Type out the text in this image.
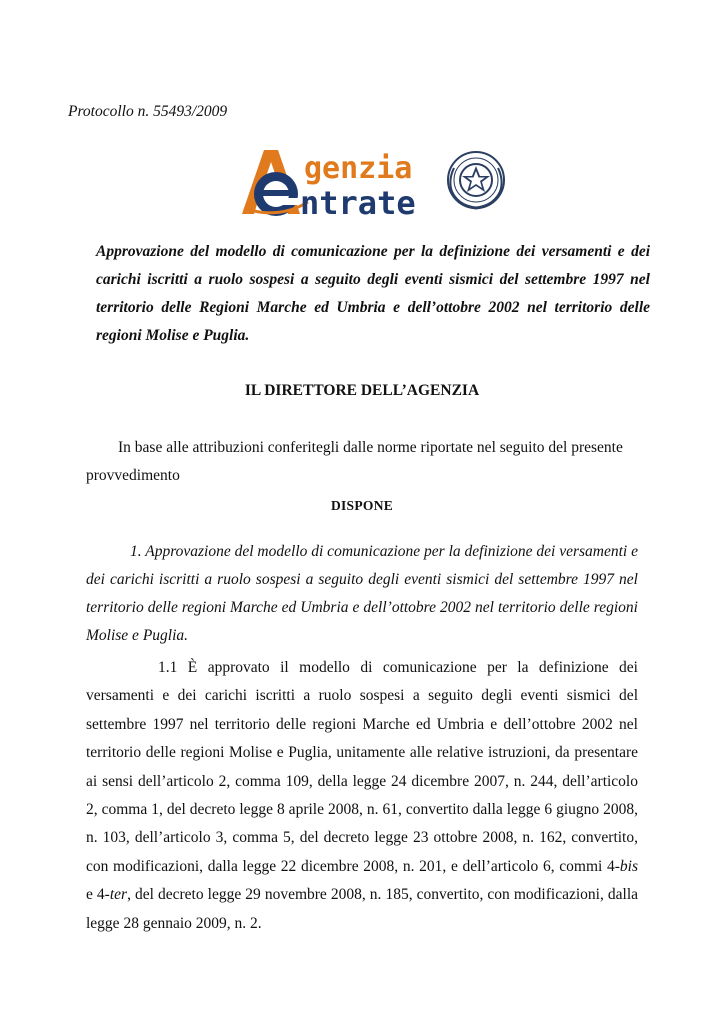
Protocollo n. 55493/2009
genzia
ntrate
Approvazione del modello di comunicazione per la definizione dei versamenti e dei carichi iscritti a ruolo sospesi a seguito degli eventi sismici del settembre 1997 nel territorio delle Regioni Marche ed Umbria e dell’ottobre 2002 nel territorio delle regioni Molise e Puglia.
IL DIRETTORE DELL’AGENZIA
In base alle attribuzioni conferitegli dalle norme riportate nel seguito del presente provvedimento
DISPONE
1. Approvazione del modello di comunicazione per la definizione dei versamenti e dei carichi iscritti a ruolo sospesi a seguito degli eventi sismici del settembre 1997 nel territorio delle regioni Marche ed Umbria e dell’ottobre 2002 nel territorio delle regioni Molise e Puglia.
1.1 È approvato il modello di comunicazione per la definizione dei versamenti e dei carichi iscritti a ruolo sospesi a seguito degli eventi sismici del settembre 1997 nel territorio delle regioni Marche ed Umbria e dell’ottobre 2002 nel territorio delle regioni Molise e Puglia, unitamente alle relative istruzioni, da presentare ai sensi dell’articolo 2, comma 109, della legge 24 dicembre 2007, n. 244, dell’articolo 2, comma 1, del decreto legge 8 aprile 2008, n. 61, convertito dalla legge 6 giugno 2008, n. 103, dell’articolo 3, comma 5, del decreto legge 23 ottobre 2008, n. 162, convertito, con modificazioni, dalla legge 22 dicembre 2008, n. 201, e dell’articolo 6, commi 4-bis e 4-ter, del decreto legge 29 novembre 2008, n. 185, convertito, con modificazioni, dalla legge 28 gennaio 2009, n. 2.
